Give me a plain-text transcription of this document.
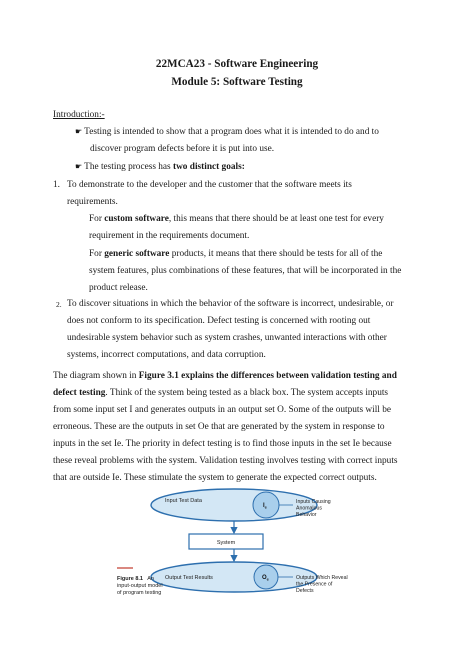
22MCA23 - Software Engineering
Module 5: Software Testing
Introduction:-
☛ Testing is intended to show that a program does what it is intended to do and to
discover program defects before it is put into use.
☛ The testing process has two distinct goals:
1. To demonstrate to the developer and the customer that the software meets its
requirements.
For custom software, this means that there should be at least one test for every
requirement in the requirements document.
For generic software products, it means that there should be tests for all of the
system features, plus combinations of these features, that will be incorporated in the
product release.
2. To discover situations in which the behavior of the software is incorrect, undesirable, or
does not conform to its specification. Defect testing is concerned with rooting out
undesirable system behavior such as system crashes, unwanted interactions with other
systems, incorrect computations, and data corruption.
The diagram shown in Figure 3.1 explains the differences between validation testing and
defect testing. Think of the system being tested as a black box. The system accepts inputs
from some input set I and generates outputs in an output set O. Some of the outputs will be
erroneous. These are the outputs in set Oe that are generated by the system in response to
inputs in the set Ie. The priority in defect testing is to find those inputs in the set Ie because
these reveal problems with the system. Validation testing involves testing with correct inputs
that are outside Ie. These stimulate the system to generate the expected correct outputs.
Input Test Data
$I_e$
System
Output Test Results	$O_e$
Inputs Causing Anomalous Behavior
Outputs Which Reveal the Presence of Defects
Figure 8.1 An input-output model of program testing
